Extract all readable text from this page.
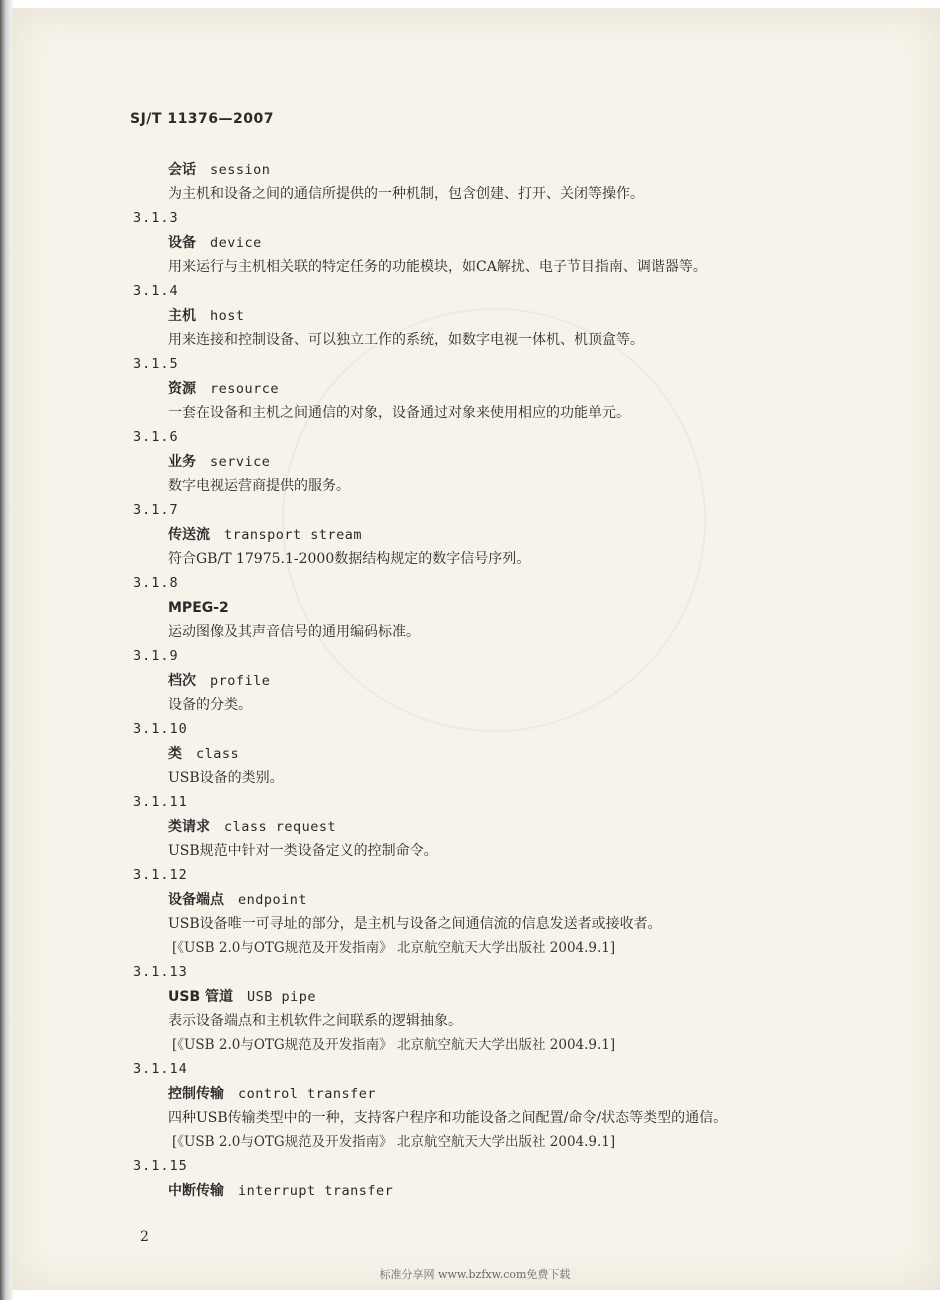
SJ/T 11376—2007
会话 session
为主机和设备之间的通信所提供的一种机制，包含创建、打开、关闭等操作。
3.1.3
设备 device
用来运行与主机相关联的特定任务的功能模块，如CA解扰、电子节目指南、调谐器等。
3.1.4
主机 host
用来连接和控制设备、可以独立工作的系统，如数字电视一体机、机顶盒等。
3.1.5
资源 resource
一套在设备和主机之间通信的对象，设备通过对象来使用相应的功能单元。
3.1.6
业务 service
数字电视运营商提供的服务。
3.1.7
传送流 transport stream
符合GB/T 17975.1-2000数据结构规定的数字信号序列。
3.1.8
MPEG-2
运动图像及其声音信号的通用编码标准。
3.1.9
档次 profile
设备的分类。
3.1.10
类 class
USB设备的类别。
3.1.11
类请求 class request
USB规范中针对一类设备定义的控制命令。
3.1.12
设备端点 endpoint
USB设备唯一可寻址的部分，是主机与设备之间通信流的信息发送者或接收者。
[《USB 2.0与OTG规范及开发指南》 北京航空航天大学出版社 2004.9.1]
3.1.13
USB 管道 USB pipe
表示设备端点和主机软件之间联系的逻辑抽象。
[《USB 2.0与OTG规范及开发指南》 北京航空航天大学出版社 2004.9.1]
3.1.14
控制传输 control transfer
四种USB传输类型中的一种，支持客户程序和功能设备之间配置/命令/状态等类型的通信。
[《USB 2.0与OTG规范及开发指南》 北京航空航天大学出版社 2004.9.1]
3.1.15
中断传输 interrupt transfer
2
标准分享网 www.bzfxw.com免费下载
